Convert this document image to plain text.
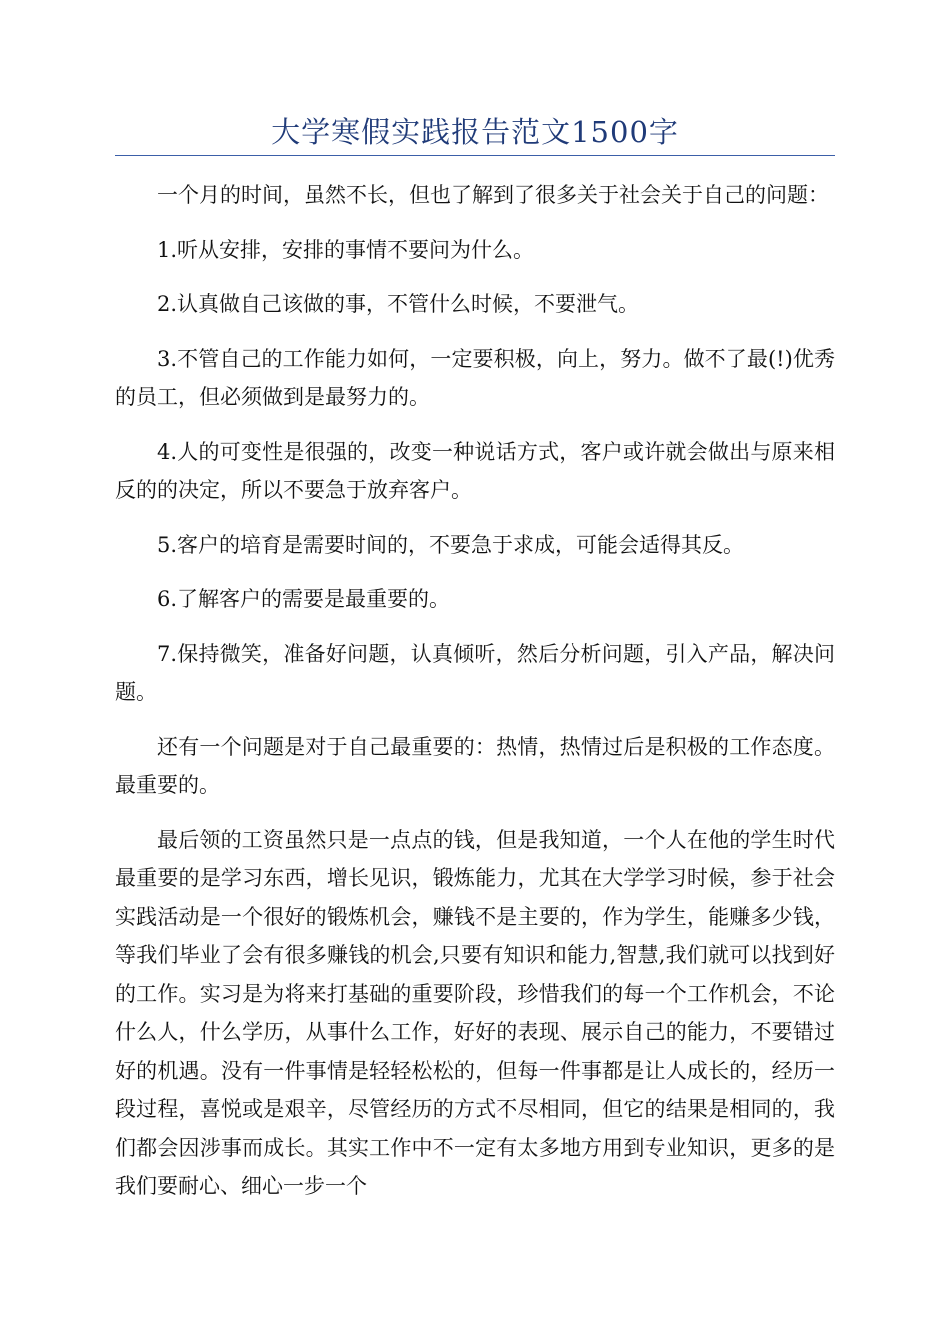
大学寒假实践报告范文1500字

一个月的时间，虽然不长，但也了解到了很多关于社会关于自己的问题：

1.听从安排，安排的事情不要问为什么。

2.认真做自己该做的事，不管什么时候，不要泄气。

3.不管自己的工作能力如何，一定要积极，向上，努力。做不了最(!)优秀的员工，但必须做到是最努力的。

4.人的可变性是很强的，改变一种说话方式，客户或许就会做出与原来相反的的决定，所以不要急于放弃客户。

5.客户的培育是需要时间的，不要急于求成，可能会适得其反。

6.了解客户的需要是最重要的。

7.保持微笑，准备好问题，认真倾听，然后分析问题，引入产品，解决问题。

还有一个问题是对于自己最重要的：热情，热情过后是积极的工作态度。最重要的。

最后领的工资虽然只是一点点的钱，但是我知道，一个人在他的学生时代最重要的是学习东西，增长见识，锻炼能力，尤其在大学学习时候，参于社会实践活动是一个很好的锻炼机会，赚钱不是主要的，作为学生，能赚多少钱，等我们毕业了会有很多赚钱的机会,只要有知识和能力,智慧,我们就可以找到好的工作。实习是为将来打基础的重要阶段，珍惜我们的每一个工作机会，不论什么人，什么学历，从事什么工作，好好的表现、展示自己的能力，不要错过好的机遇。没有一件事情是轻轻松松的，但每一件事都是让人成长的，经历一段过程，喜悦或是艰辛，尽管经历的方式不尽相同，但它的结果是相同的，我们都会因涉事而成长。其实工作中不一定有太多地方用到专业知识，更多的是我们要耐心、细心一步一个
